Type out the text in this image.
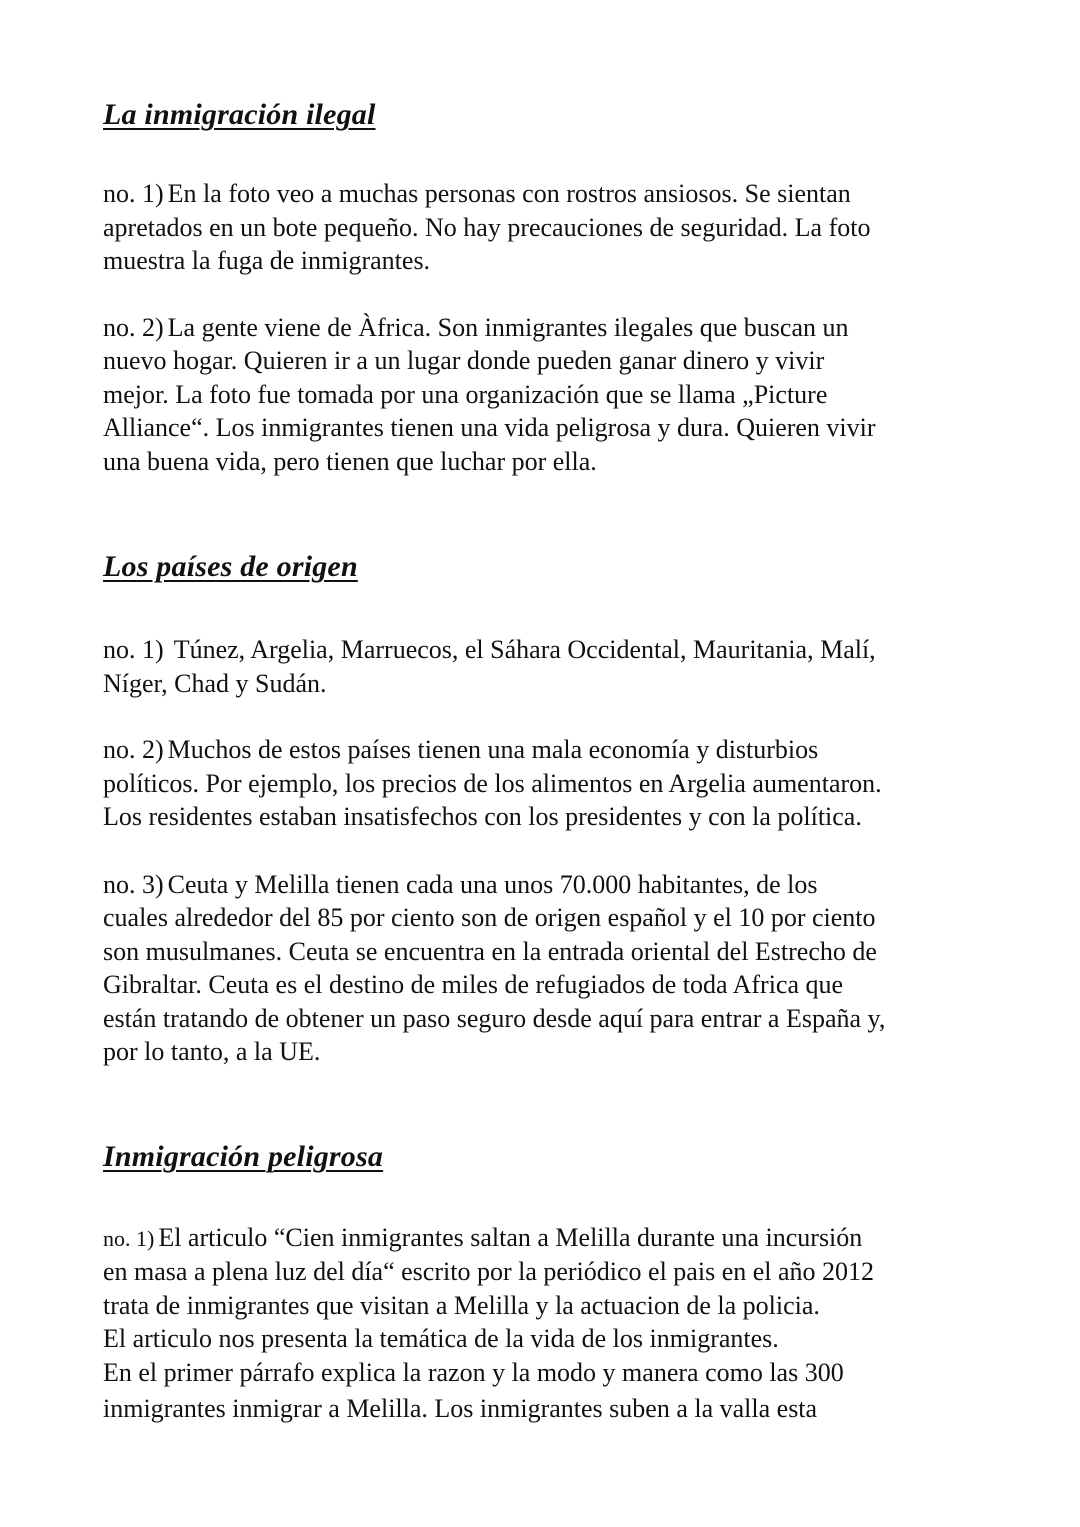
La inmigración ilegal

no. 1) En la foto veo a muchas personas con rostros ansiosos. Se sientan
apretados en un bote pequeño. No hay precauciones de seguridad. La foto
muestra la fuga de inmigrantes.

no. 2) La gente viene de Àfrica. Son inmigrantes ilegales que buscan un
nuevo hogar. Quieren ir a un lugar donde pueden ganar dinero y vivir
mejor. La foto fue tomada por una organización que se llama „Picture
Alliance“. Los inmigrantes tienen una vida peligrosa y dura. Quieren vivir
una buena vida, pero tienen que luchar por ella.

Los países de origen

no. 1) Túnez, Argelia, Marruecos, el Sáhara Occidental, Mauritania, Malí,
Níger, Chad y Sudán.

no. 2) Muchos de estos países tienen una mala economía y disturbios
políticos. Por ejemplo, los precios de los alimentos en Argelia aumentaron.
Los residentes estaban insatisfechos con los presidentes y con la política.

no. 3) Ceuta y Melilla tienen cada una unos 70.000 habitantes, de los
cuales alrededor del 85 por ciento son de origen español y el 10 por ciento
son musulmanes. Ceuta se encuentra en la entrada oriental del Estrecho de
Gibraltar. Ceuta es el destino de miles de refugiados de toda Africa que
están tratando de obtener un paso seguro desde aquí para entrar a España y,
por lo tanto, a la UE.

Inmigración peligrosa

no. 1) El articulo “Cien inmigrantes saltan a Melilla durante una incursión
en masa a plena luz del día“ escrito por la periódico el pais en el año 2012
trata de inmigrantes que visitan a Melilla y la actuacion de la policia.
El articulo nos presenta la temática de la vida de los inmigrantes.
En el primer párrafo explica la razon y la modo y manera como las 300
inmigrantes inmigrar a Melilla. Los inmigrantes suben a la valla esta
